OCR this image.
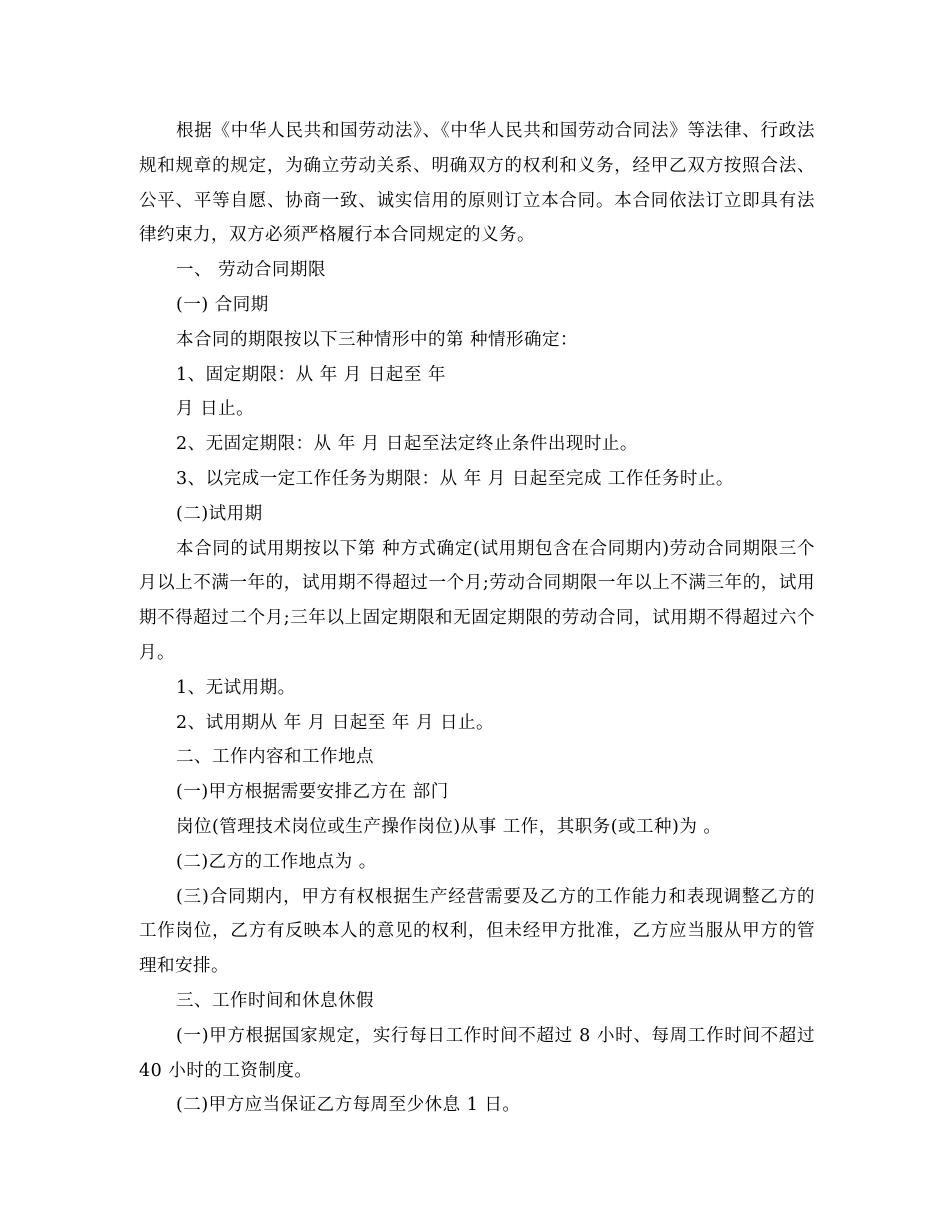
根据《中华人民共和国劳动法》、《中华人民共和国劳动合同法》等法律、行政法规和规章的规定，为确立劳动关系、明确双方的权利和义务，经甲乙双方按照合法、公平、平等自愿、协商一致、诚实信用的原则订立本合同。本合同依法订立即具有法律约束力，双方必须严格履行本合同规定的义务。

一、 劳动合同期限

(一) 合同期

本合同的期限按以下三种情形中的第 种情形确定：

1、固定期限：从 年 月 日起至 年

月 日止。

2、无固定期限：从 年 月 日起至法定终止条件出现时止。

3、以完成一定工作任务为期限：从 年 月 日起至完成 工作任务时止。

(二)试用期

本合同的试用期按以下第 种方式确定(试用期包含在合同期内)劳动合同期限三个月以上不满一年的，试用期不得超过一个月;劳动合同期限一年以上不满三年的，试用期不得超过二个月;三年以上固定期限和无固定期限的劳动合同，试用期不得超过六个月。

1、无试用期。

2、试用期从 年 月 日起至 年 月 日止。

二、工作内容和工作地点

(一)甲方根据需要安排乙方在 部门

岗位(管理技术岗位或生产操作岗位)从事 工作，其职务(或工种)为 。

(二)乙方的工作地点为 。

(三)合同期内，甲方有权根据生产经营需要及乙方的工作能力和表现调整乙方的工作岗位，乙方有反映本人的意见的权利，但未经甲方批准，乙方应当服从甲方的管理和安排。

三、工作时间和休息休假

(一)甲方根据国家规定，实行每日工作时间不超过 8 小时、每周工作时间不超过 40 小时的工资制度。

(二)甲方应当保证乙方每周至少休息 1 日。
